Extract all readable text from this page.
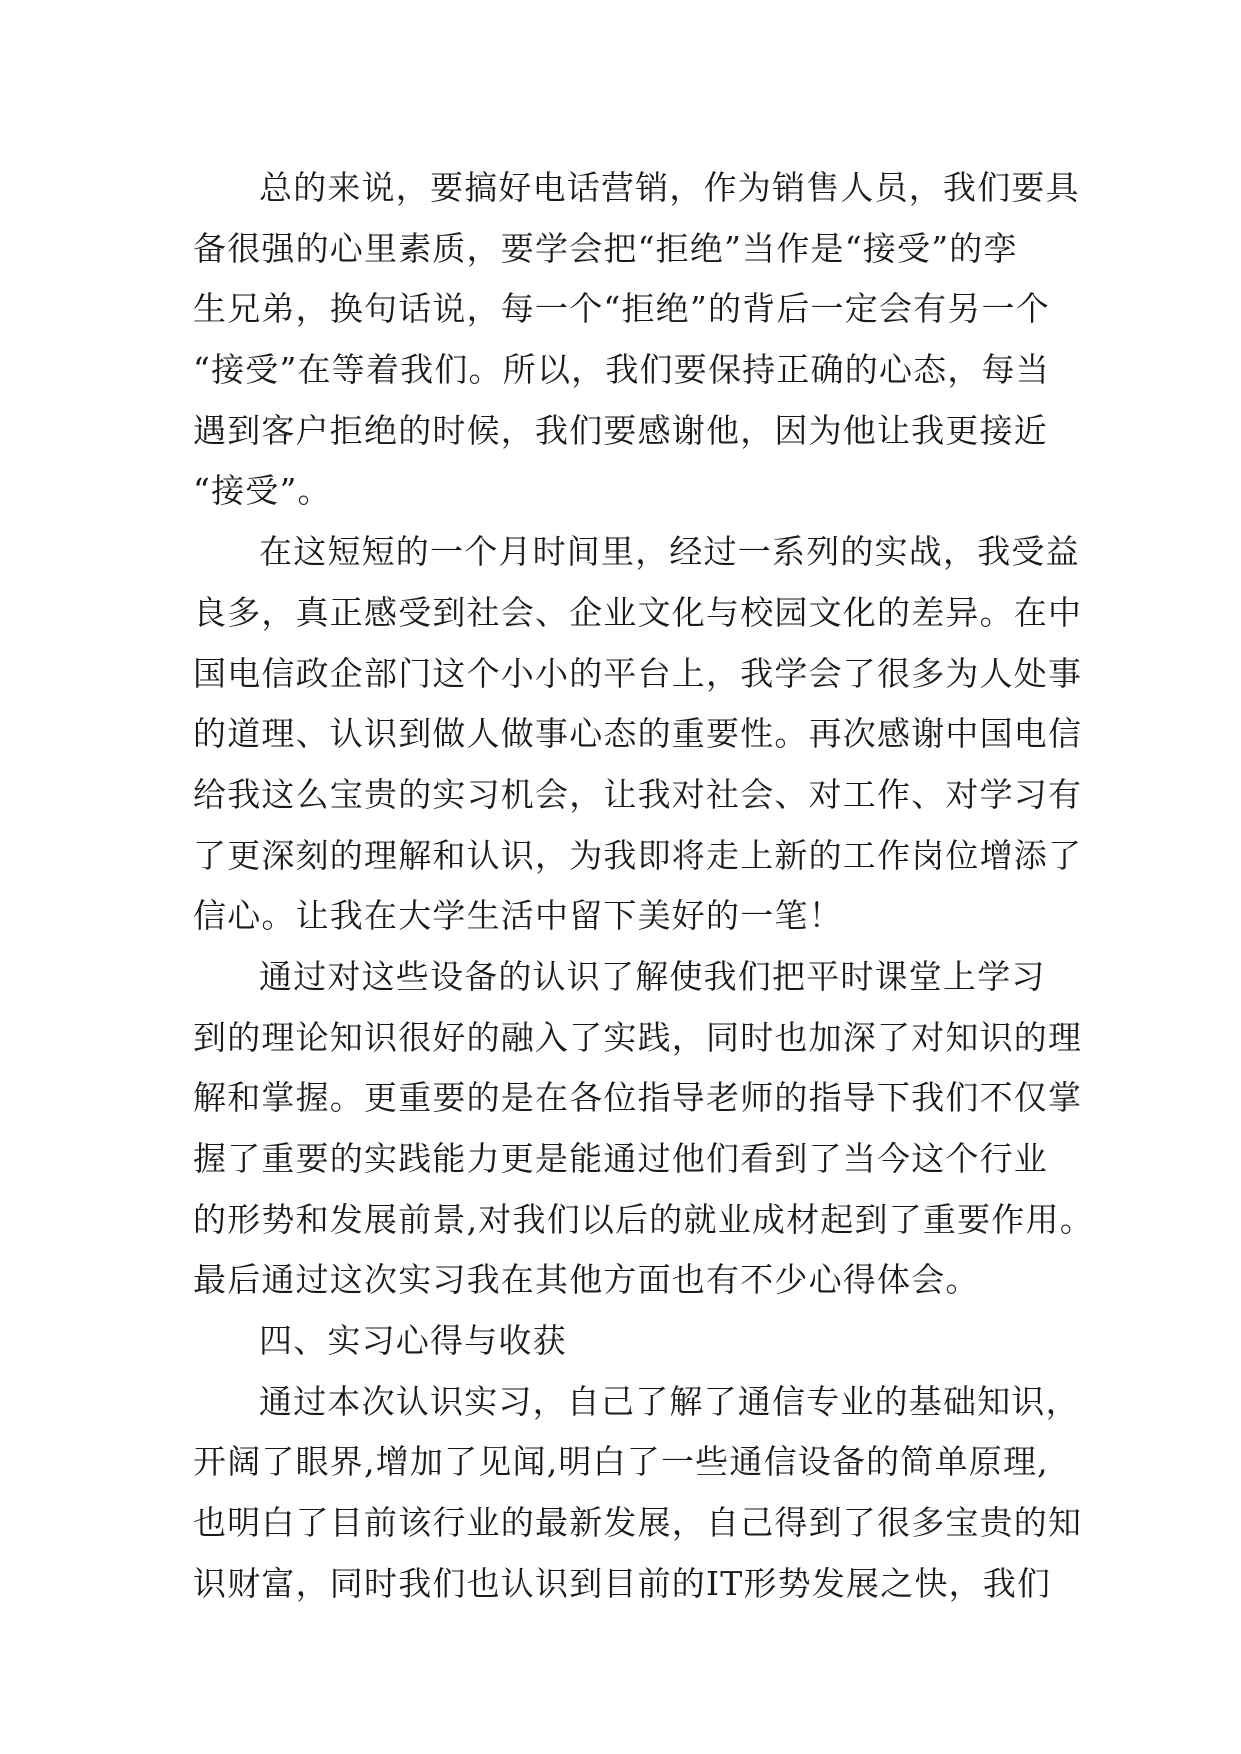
总的来说，要搞好电话营销，作为销售人员，我们要具
备很强的心里素质，要学会把“拒绝”当作是“接受”的孪
生兄弟，换句话说，每一个“拒绝”的背后一定会有另一个
“接受”在等着我们。所以，我们要保持正确的心态，每当
遇到客户拒绝的时候，我们要感谢他，因为他让我更接近
“接受”。
在这短短的一个月时间里，经过一系列的实战，我受益
良多，真正感受到社会、企业文化与校园文化的差异。在中
国电信政企部门这个小小的平台上，我学会了很多为人处事
的道理、认识到做人做事心态的重要性。再次感谢中国电信
给我这么宝贵的实习机会，让我对社会、对工作、对学习有
了更深刻的理解和认识，为我即将走上新的工作岗位增添了
信心。让我在大学生活中留下美好的一笔！
通过对这些设备的认识了解使我们把平时课堂上学习
到的理论知识很好的融入了实践，同时也加深了对知识的理
解和掌握。更重要的是在各位指导老师的指导下我们不仅掌
握了重要的实践能力更是能通过他们看到了当今这个行业
的形势和发展前景,对我们以后的就业成材起到了重要作用。
最后通过这次实习我在其他方面也有不少心得体会。
四、实习心得与收获
通过本次认识实习，自己了解了通信专业的基础知识，
开阔了眼界,增加了见闻,明白了一些通信设备的简单原理,
也明白了目前该行业的最新发展，自己得到了很多宝贵的知
识财富，同时我们也认识到目前的IT形势发展之快，我们
